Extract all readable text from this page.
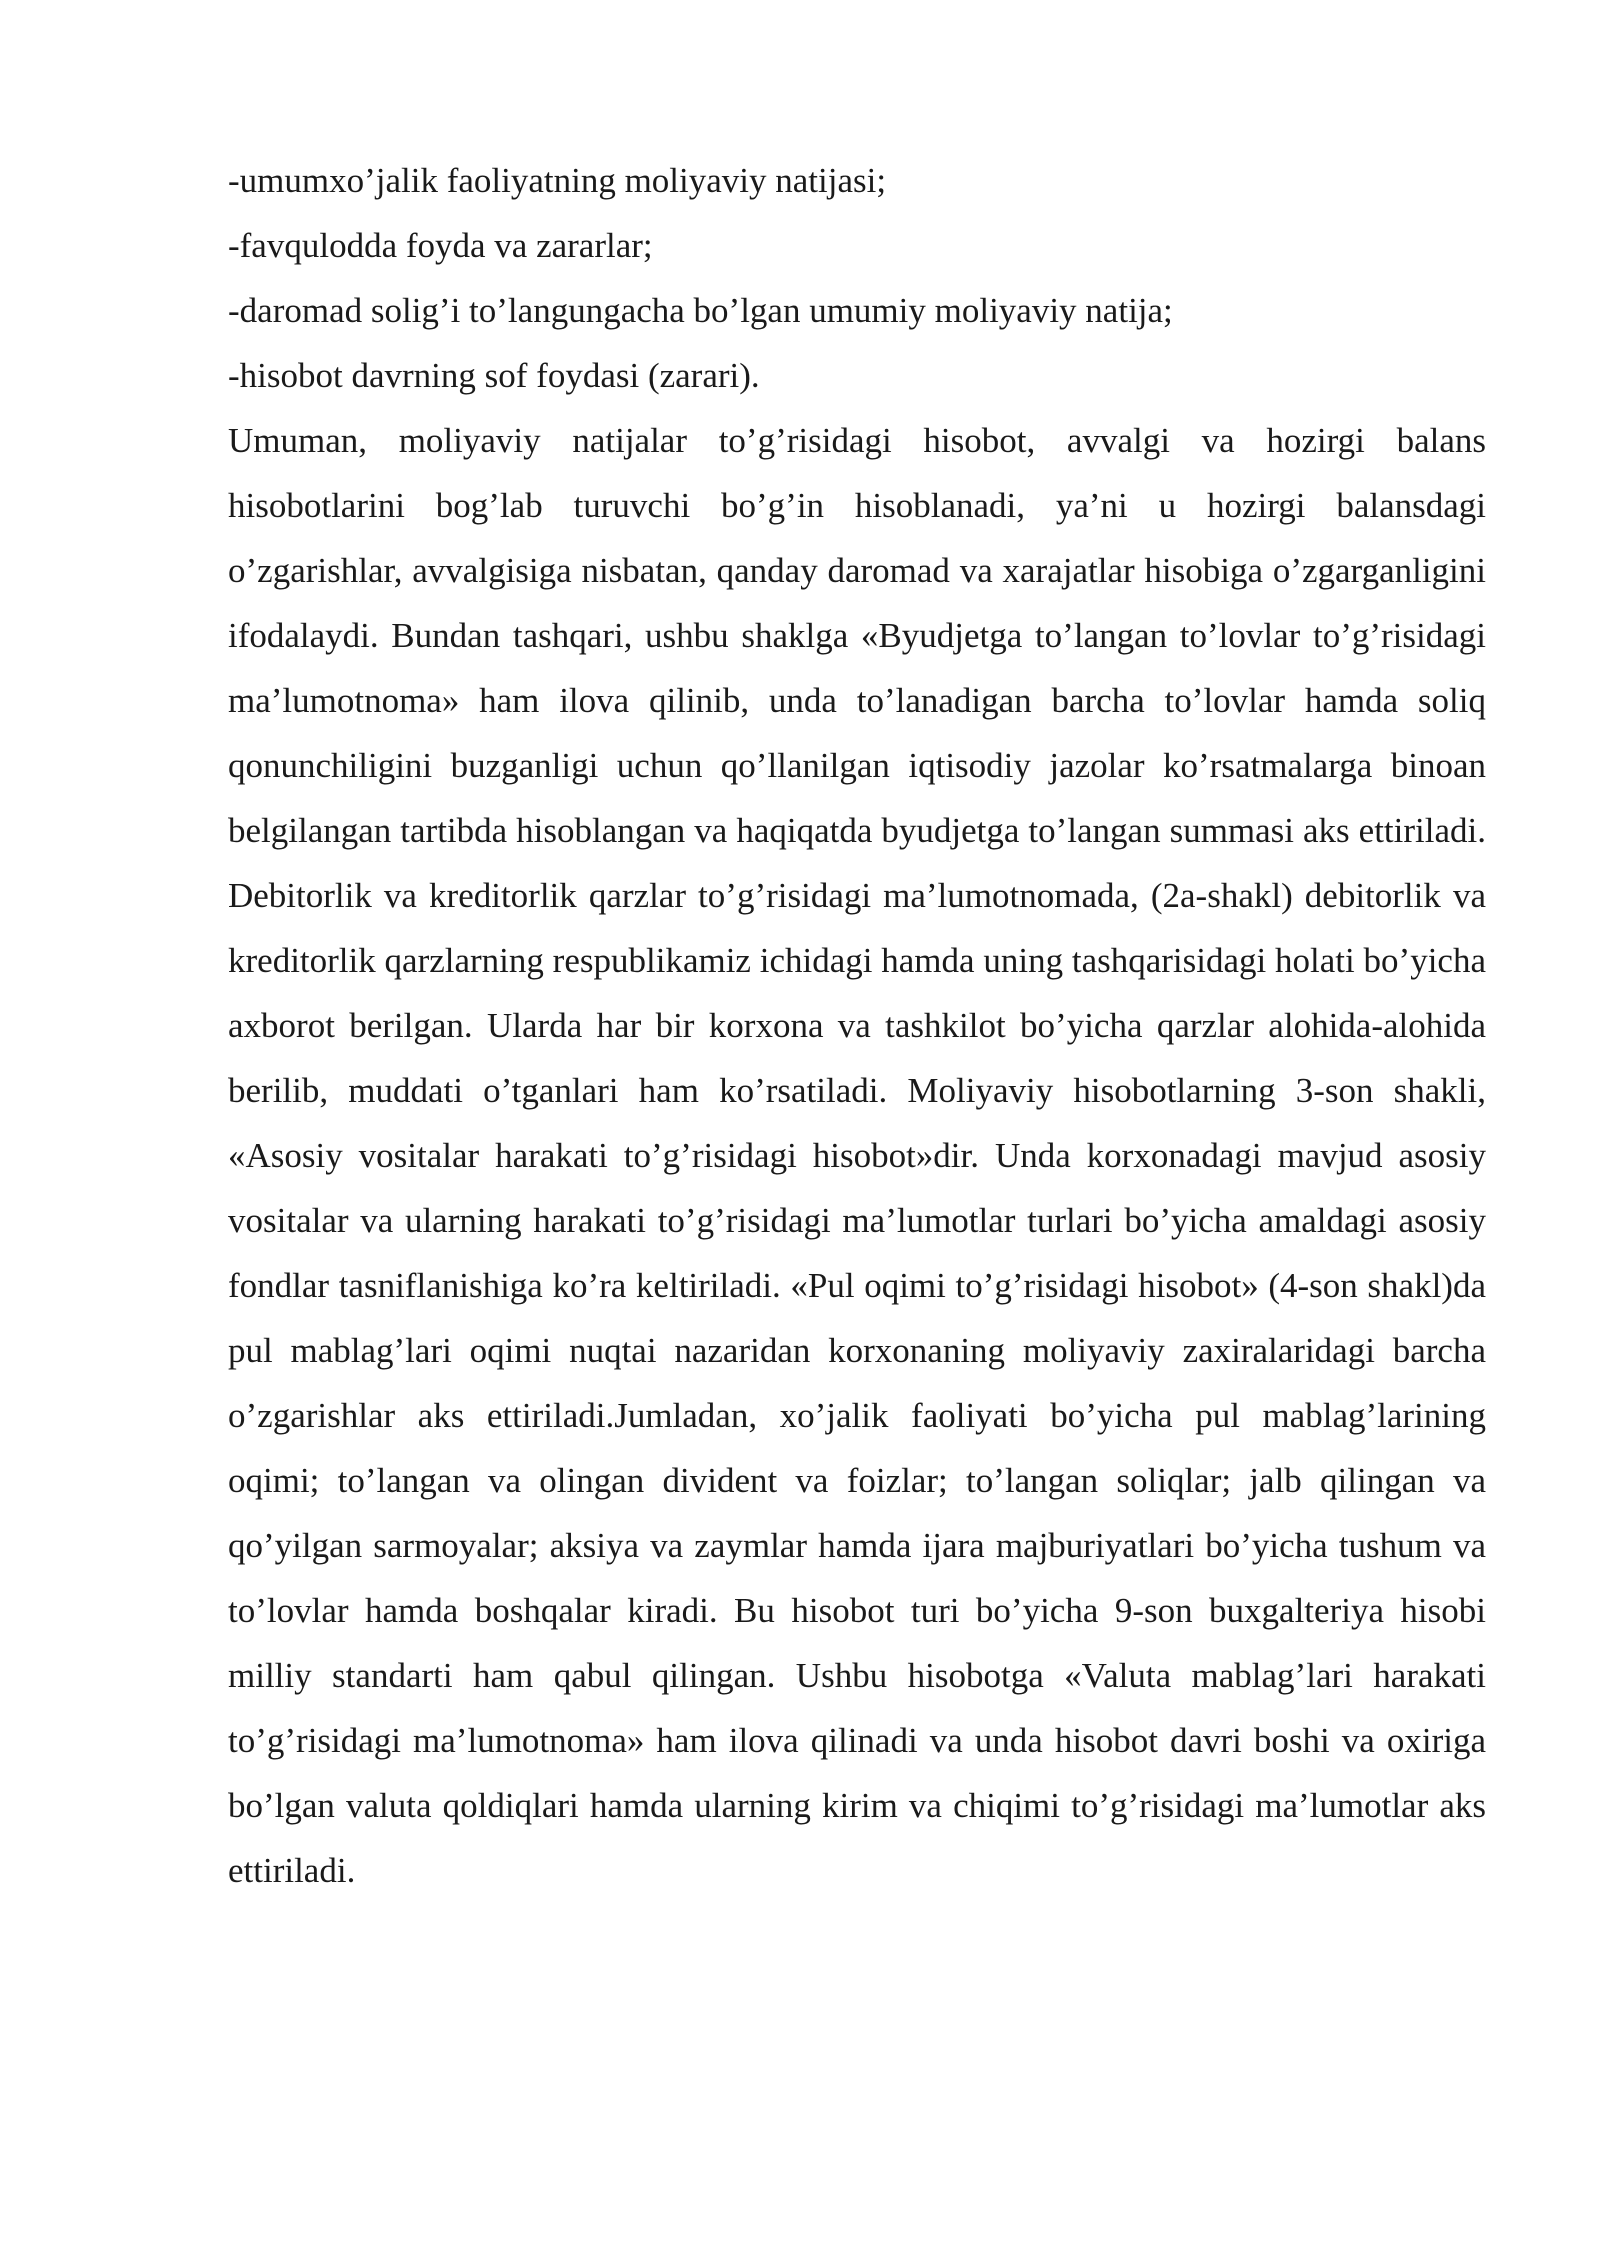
-umumxo’jalik faoliyatning moliyaviy natijasi;

-favqulodda foyda va zararlar;

-daromad solig’i to’langungacha bo’lgan umumiy moliyaviy natija;

-hisobot davrning sof foydasi (zarari).

Umuman, moliyaviy natijalar to’g’risidagi hisobot, avvalgi va hozirgi balans hisobotlarini bog’lab turuvchi bo’g’in hisoblanadi, ya’ni u hozirgi balansdagi o’zgarishlar, avvalgisiga nisbatan, qanday daromad va xarajatlar hisobiga o’zgarganligini ifodalaydi. Bundan tashqari, ushbu shaklga «Byudjetga to’langan to’lovlar to’g’risidagi ma’lumotnoma» ham ilova qilinib, unda to’lanadigan barcha to’lovlar hamda soliq qonunchiligini buzganligi uchun qo’llanilgan iqtisodiy jazolar ko’rsatmalarga binoan belgilangan tartibda hisoblangan va haqiqatda byudjetga to’langan summasi aks ettiriladi. Debitorlik va kreditorlik qarzlar to’g’risidagi ma’lumotnomada, (2a-shakl) debitorlik va kreditorlik qarzlarning respublikamiz ichidagi hamda uning tashqarisidagi holati bo’yicha axborot berilgan. Ularda har bir korxona va tashkilot bo’yicha qarzlar alohida-alohida berilib, muddati o’tganlari ham ko’rsatiladi. Moliyaviy hisobotlarning 3-son shakli, «Asosiy vositalar harakati to’g’risidagi hisobot»dir. Unda korxonadagi mavjud asosiy vositalar va ularning harakati to’g’risidagi ma’lumotlar turlari bo’yicha amaldagi asosiy fondlar tasniflanishiga ko’ra keltiriladi. «Pul oqimi to’g’risidagi hisobot» (4-son shakl)da pul mablag’lari oqimi nuqtai nazaridan korxonaning moliyaviy zaxiralaridagi barcha o’zgarishlar aks ettiriladi.Jumladan, xo’jalik faoliyati bo’yicha pul mablag’larining oqimi; to’langan va olingan divident va foizlar; to’langan soliqlar; jalb qilingan va qo’yilgan sarmoyalar; aksiya va zaymlar hamda ijara majburiyatlari bo’yicha tushum va to’lovlar hamda boshqalar kiradi. Bu hisobot turi bo’yicha 9-son buxgalteriya hisobi milliy standarti ham qabul qilingan. Ushbu hisobotga «Valuta mablag’lari harakati to’g’risidagi ma’lumotnoma» ham ilova qilinadi va unda hisobot davri boshi va oxiriga bo’lgan valuta qoldiqlari hamda ularning kirim va chiqimi to’g’risidagi ma’lumotlar aks ettiriladi.
